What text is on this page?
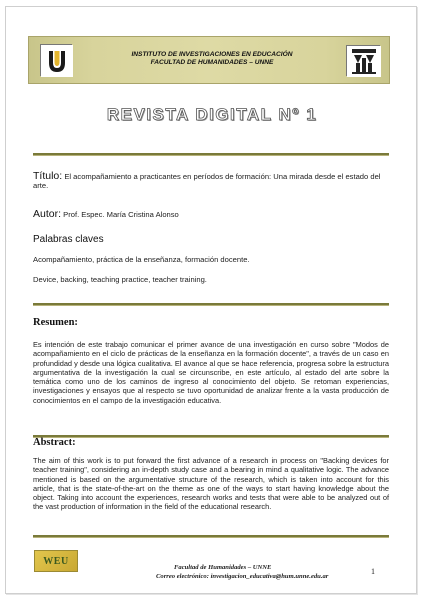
INSTITUTO DE INVESTIGACIONES EN EDUCACIÓN
FACULTAD DE HUMANIDADES – UNNE
REVISTA DIGITAL Nº 1
Título: El acompañamiento a practicantes en períodos de formación: Una mirada desde el estado del arte.
Autor: Prof. Espec. María Cristina Alonso
Palabras claves
Acompañamiento, práctica de la enseñanza, formación docente.
Device, backing, teaching practice, teacher training.
Resumen:
Es intención de este trabajo comunicar el primer avance de una investigación en curso sobre "Modos de acompañamiento en el ciclo de prácticas de la enseñanza en la formación docente", a través de un caso en profundidad y desde una lógica cualitativa. El avance al que se hace referencia, progresa sobre la estructura argumentativa de la investigación la cual se circunscribe, en este artículo, al estado del arte sobre la temática como uno de los caminos de ingreso al conocimiento del objeto. Se retoman experiencias, investigaciones y ensayos que al respecto se tuvo oportunidad de analizar frente a la vasta producción de conocimientos en el campo de la investigación educativa.
Abstract:
The aim of this work is to put forward the first advance of a research in process on "Backing devices for teacher training", considering an in-depth study case and a bearing in mind a qualitative logic. The advance mentioned is based on the argumentative structure of the research, which is taken into account for this article, that is the state-of-the-art on the theme as one of the ways to start having knowledge about the object. Taking into account the experiences, research works and tests that were able to be analyzed out of the vast production of information in the field of the educational research.
WEU
Facultad de Humanidades – UNNE
Correo electrónico: investigacion_educativa@hum.unne.edu.ar
1
